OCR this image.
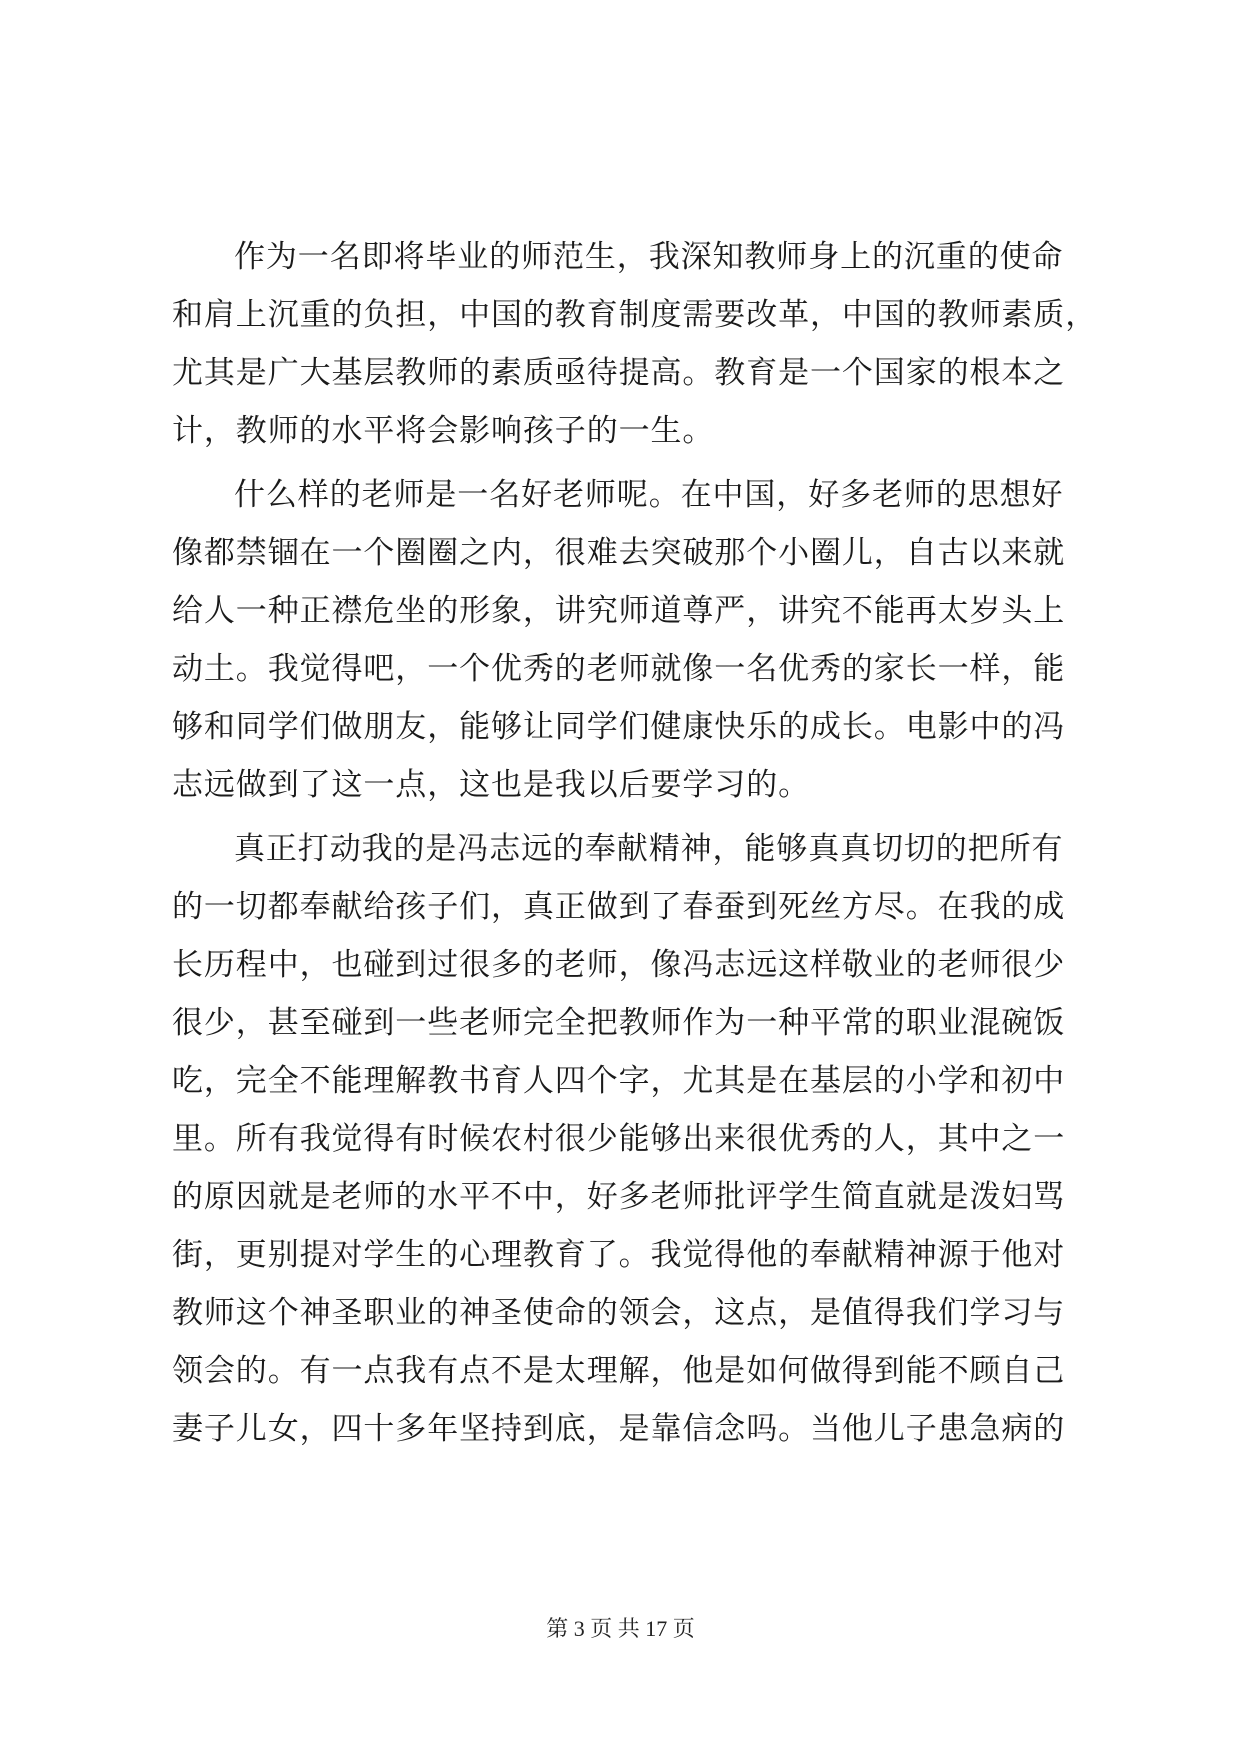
作为一名即将毕业的师范生，我深知教师身上的沉重的使命
和肩上沉重的负担，中国的教育制度需要改革，中国的教师素质，
尤其是广大基层教师的素质亟待提高。教育是一个国家的根本之
计，教师的水平将会影响孩子的一生。
什么样的老师是一名好老师呢。在中国，好多老师的思想好
像都禁锢在一个圈圈之内，很难去突破那个小圈儿，自古以来就
给人一种正襟危坐的形象，讲究师道尊严，讲究不能再太岁头上
动土。我觉得吧，一个优秀的老师就像一名优秀的家长一样，能
够和同学们做朋友，能够让同学们健康快乐的成长。电影中的冯
志远做到了这一点，这也是我以后要学习的。
真正打动我的是冯志远的奉献精神，能够真真切切的把所有
的一切都奉献给孩子们，真正做到了春蚕到死丝方尽。在我的成
长历程中，也碰到过很多的老师，像冯志远这样敬业的老师很少
很少，甚至碰到一些老师完全把教师作为一种平常的职业混碗饭
吃，完全不能理解教书育人四个字，尤其是在基层的小学和初中
里。所有我觉得有时候农村很少能够出来很优秀的人，其中之一
的原因就是老师的水平不中，好多老师批评学生简直就是泼妇骂
街，更别提对学生的心理教育了。我觉得他的奉献精神源于他对
教师这个神圣职业的神圣使命的领会，这点，是值得我们学习与
领会的。有一点我有点不是太理解，他是如何做得到能不顾自己
妻子儿女，四十多年坚持到底，是靠信念吗。当他儿子患急病的
第 3 页 共 17 页
